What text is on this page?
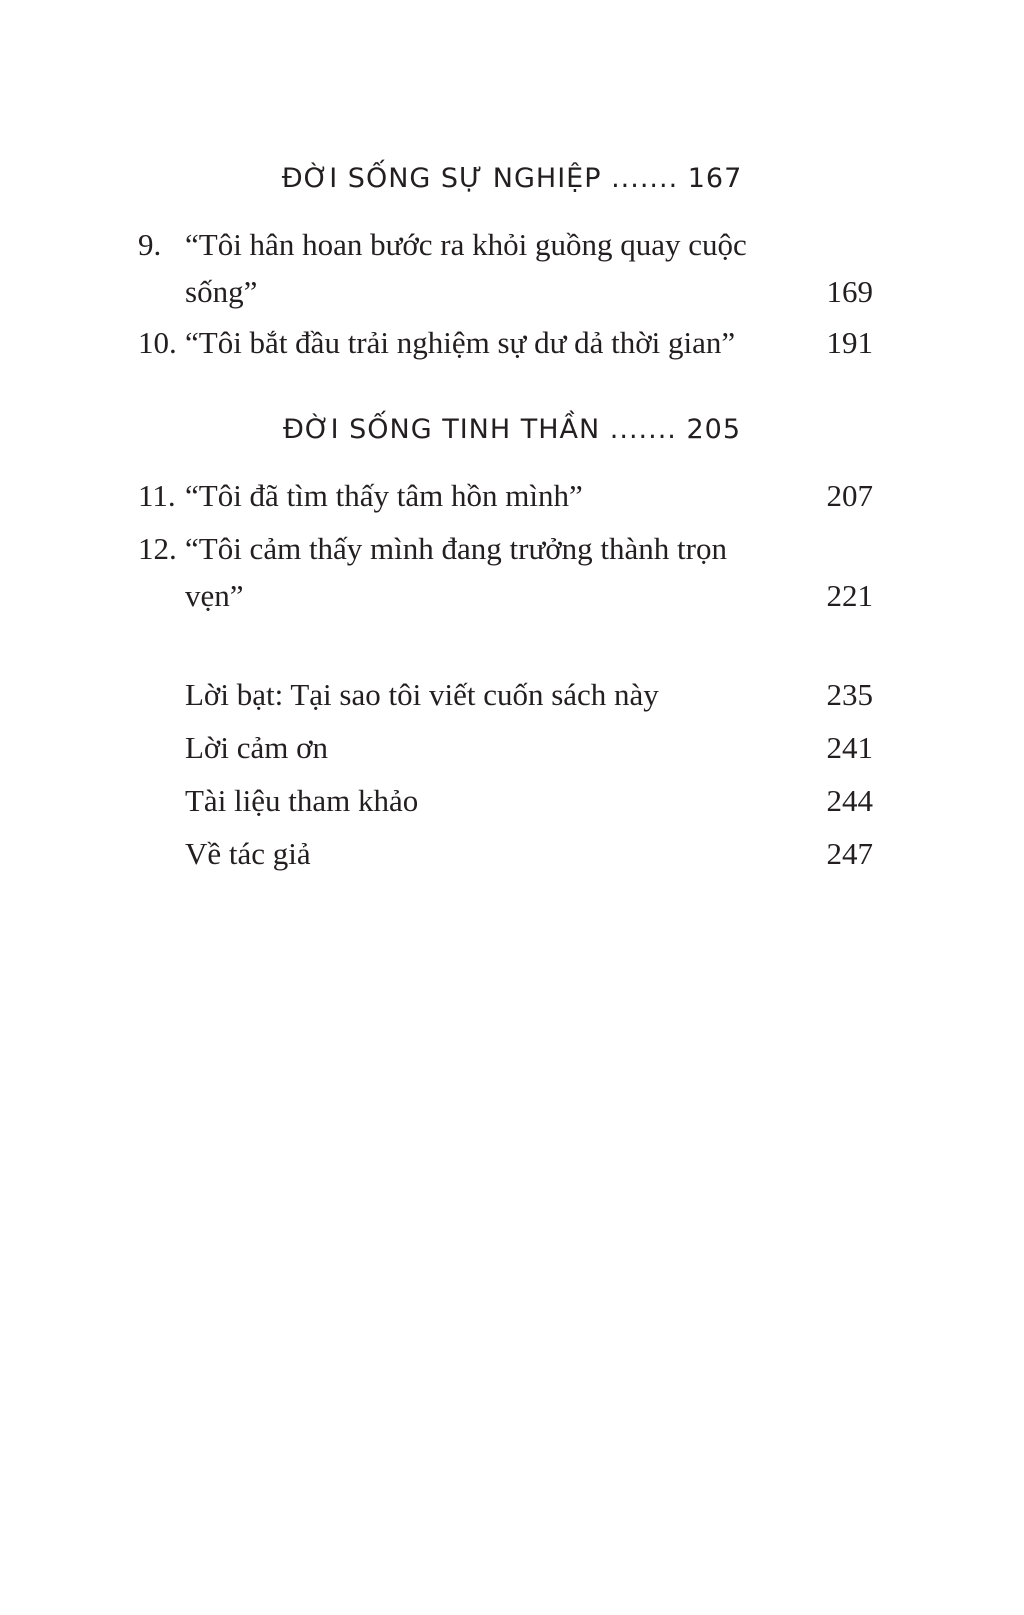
ĐỜI SỐNG SỰ NGHIỆP ....... 167
9. “Tôi hân hoan bước ra khỏi guồng quay cuộc sống”	169
10. “Tôi bắt đầu trải nghiệm sự dư dả thời gian”	191
ĐỜI SỐNG TINH THẦN ....... 205
11. “Tôi đã tìm thấy tâm hồn mình”	207
12. “Tôi cảm thấy mình đang trưởng thành trọn vẹn”	221
Lời bạt: Tại sao tôi viết cuốn sách này	235
Lời cảm ơn	241
Tài liệu tham khảo	244
Về tác giả	247
